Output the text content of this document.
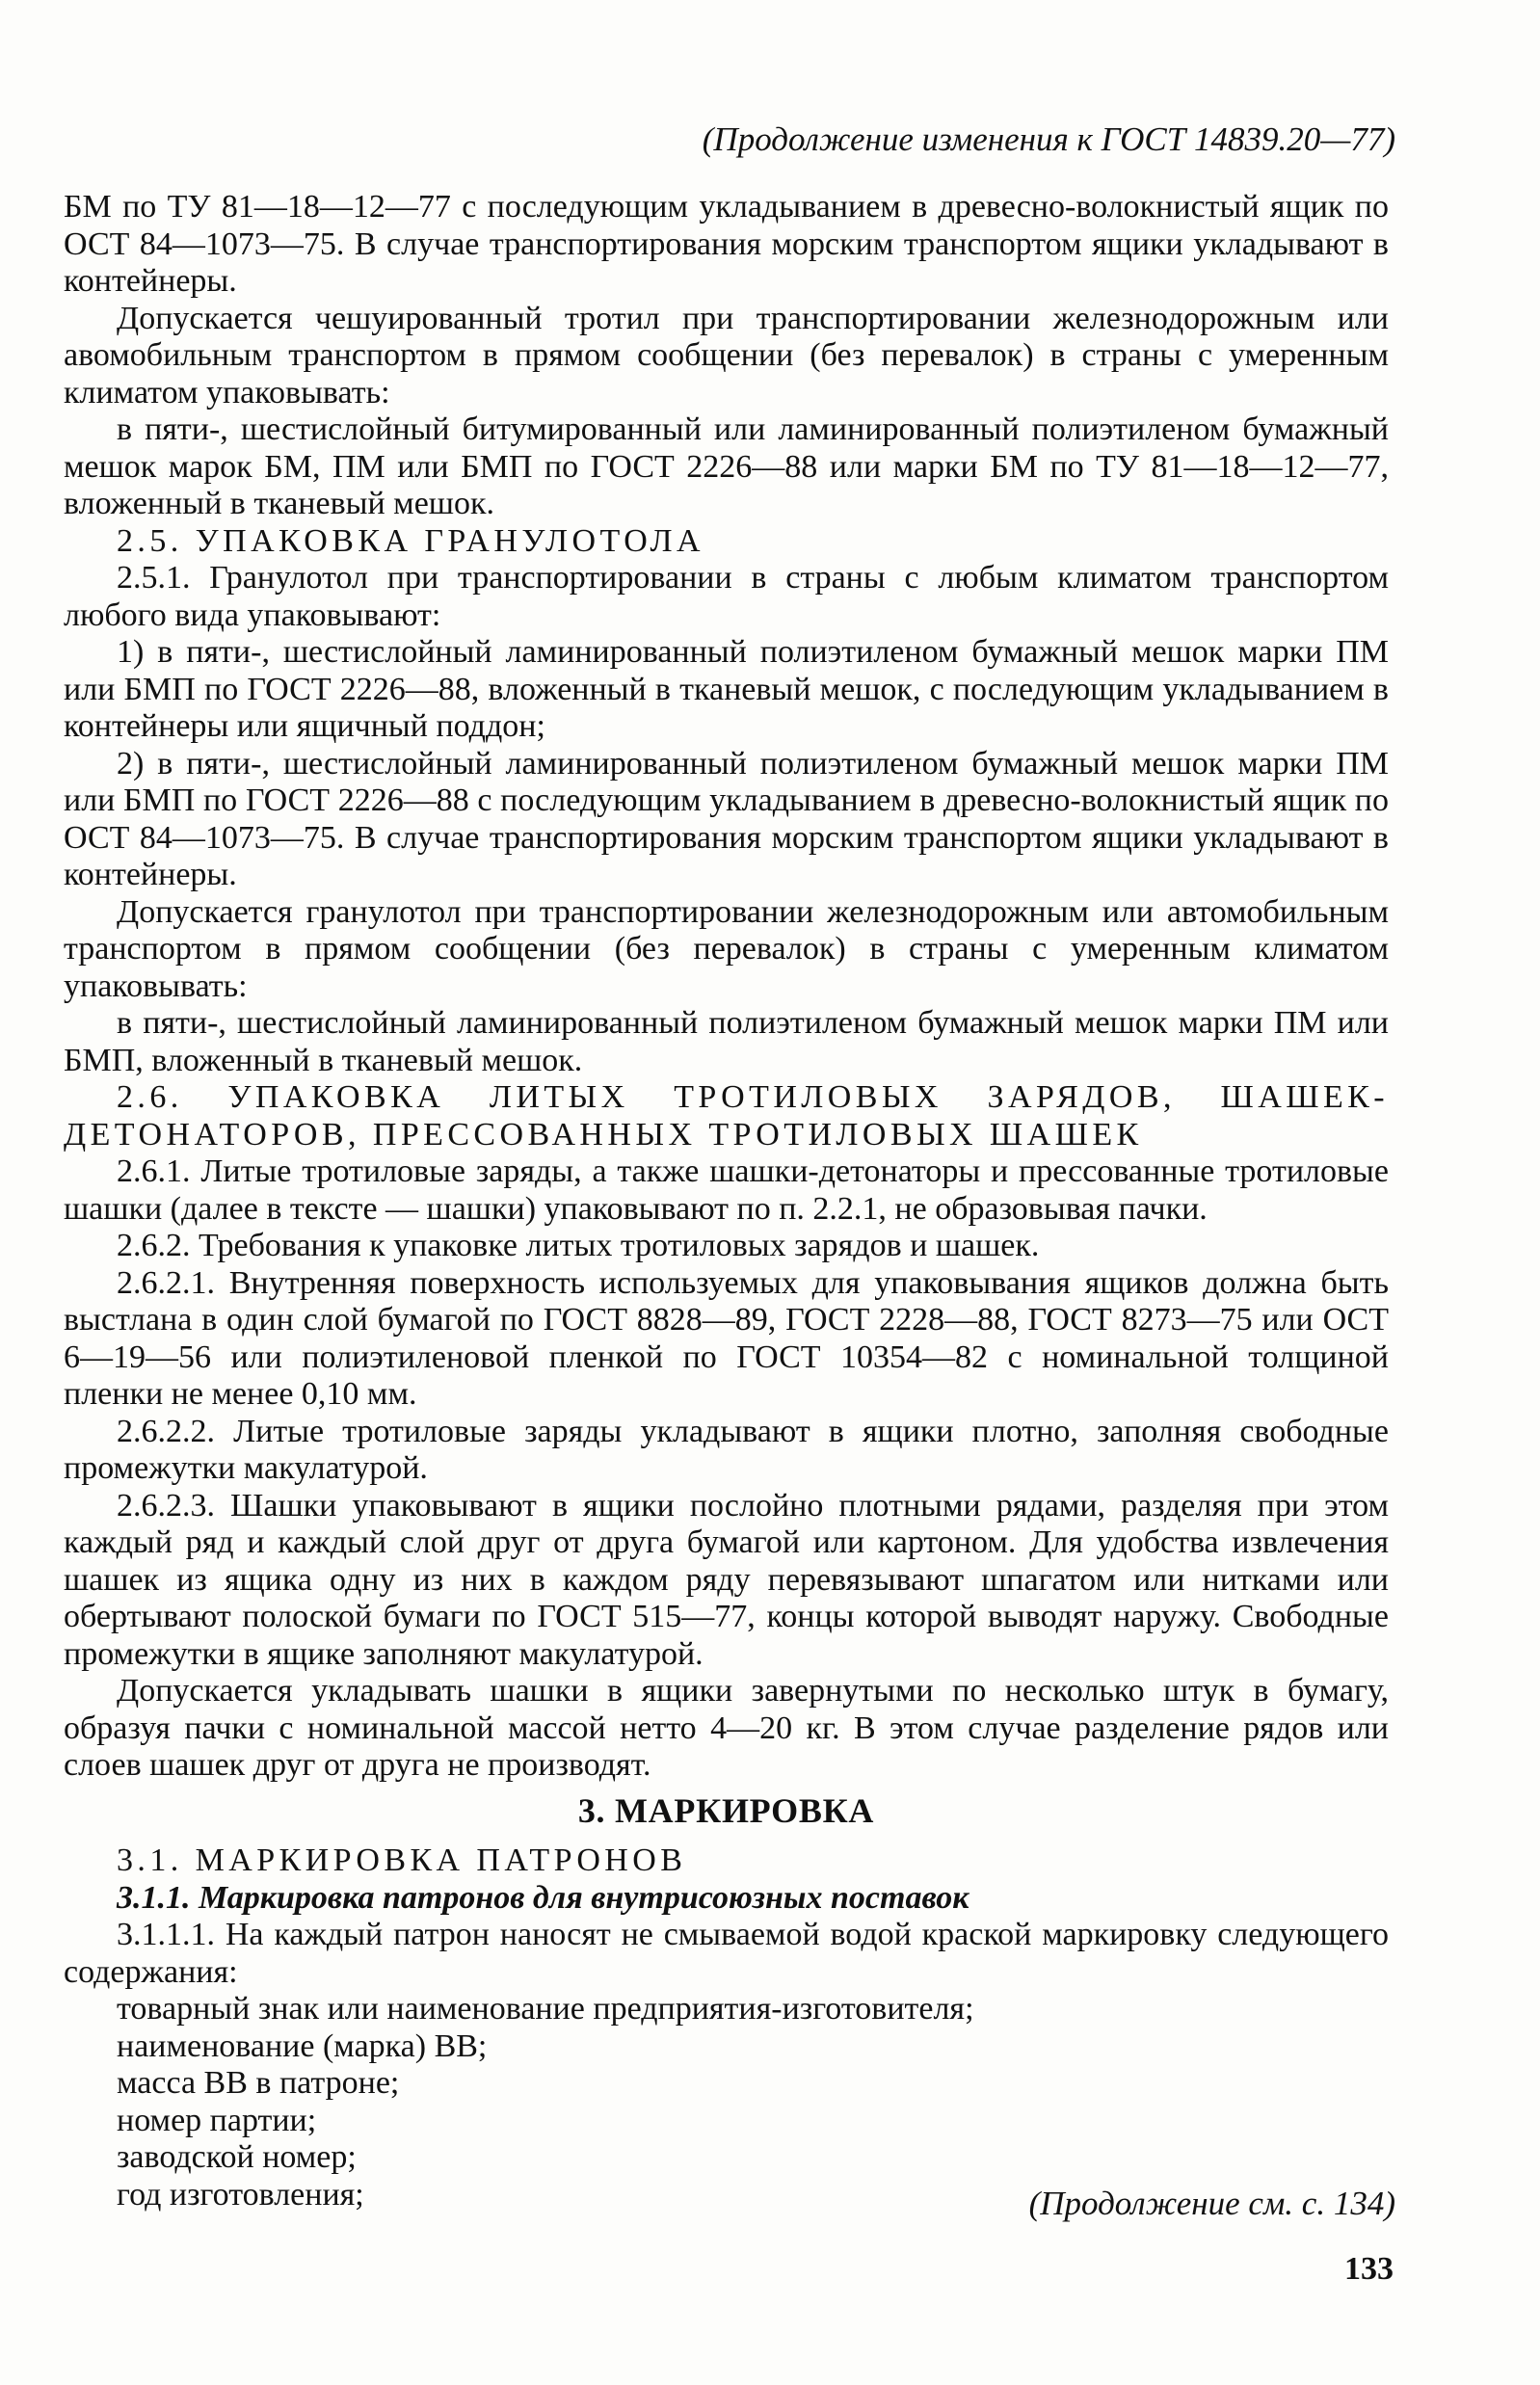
(Продолжение изменения к ГОСТ 14839.20—77)

БМ по ТУ 81—18—12—77 с последующим укладыванием в древесно-волокнистый ящик по ОСТ 84—1073—75. В случае транспортирования морским транспортом ящики укладывают в контейнеры.

Допускается чешуированный тротил при транспортировании железнодорожным или авомобильным транспортом в прямом сообщении (без перевалок) в страны с умеренным климатом упаковывать:

в пяти-, шестислойный битумированный или ламинированный полиэтиленом бумажный мешок марок БМ, ПМ или БМП по ГОСТ 2226—88 или марки БМ по ТУ 81—18—12—77, вложенный в тканевый мешок.

2.5. УПАКОВКА ГРАНУЛОТОЛА

2.5.1. Гранулотол при транспортировании в страны с любым климатом транспортом любого вида упаковывают:

1) в пяти-, шестислойный ламинированный полиэтиленом бумажный мешок марки ПМ или БМП по ГОСТ 2226—88, вложенный в тканевый мешок, с последующим укладыванием в контейнеры или ящичный поддон;

2) в пяти-, шестислойный ламинированный полиэтиленом бумажный мешок марки ПМ или БМП по ГОСТ 2226—88 с последующим укладыванием в древесно-волокнистый ящик по ОСТ 84—1073—75. В случае транспортирования морским транспортом ящики укладывают в контейнеры.

Допускается гранулотол при транспортировании железнодорожным или автомобильным транспортом в прямом сообщении (без перевалок) в страны с умеренным климатом упаковывать:

в пяти-, шестислойный ламинированный полиэтиленом бумажный мешок марки ПМ или БМП, вложенный в тканевый мешок.

2.6. УПАКОВКА ЛИТЫХ ТРОТИЛОВЫХ ЗАРЯДОВ, ШАШЕК-ДЕТОНАТОРОВ, ПРЕССОВАННЫХ ТРОТИЛОВЫХ ШАШЕК

2.6.1. Литые тротиловые заряды, а также шашки-детонаторы и прессованные тротиловые шашки (далее в тексте — шашки) упаковывают по п. 2.2.1, не образовывая пачки.

2.6.2. Требования к упаковке литых тротиловых зарядов и шашек.

2.6.2.1. Внутренняя поверхность используемых для упаковывания ящиков должна быть выстлана в один слой бумагой по ГОСТ 8828—89, ГОСТ 2228—88, ГОСТ 8273—75 или ОСТ 6—19—56 или полиэтиленовой пленкой по ГОСТ 10354—82 с номинальной толщиной пленки не менее 0,10 мм.

2.6.2.2. Литые тротиловые заряды укладывают в ящики плотно, заполняя свободные промежутки макулатурой.

2.6.2.3. Шашки упаковывают в ящики послойно плотными рядами, разделяя при этом каждый ряд и каждый слой друг от друга бумагой или картоном. Для удобства извлечения шашек из ящика одну из них в каждом ряду перевязывают шпагатом или нитками или обертывают полоской бумаги по ГОСТ 515—77, концы которой выводят наружу. Свободные промежутки в ящике заполняют макулатурой.

Допускается укладывать шашки в ящики завернутыми по несколько штук в бумагу, образуя пачки с номинальной массой нетто 4—20 кг. В этом случае разделение рядов или слоев шашек друг от друга не производят.

3. МАРКИРОВКА

3.1. МАРКИРОВКА ПАТРОНОВ

3.1.1. Маркировка патронов для внутрисоюзных поставок

3.1.1.1. На каждый патрон наносят не смываемой водой краской маркировку следующего содержания:

товарный знак или наименование предприятия-изготовителя;

наименование (марка) ВВ;

масса ВВ в патроне;

номер партии;

заводской номер;

год изготовления;	(Продолжение см. с. 134)
133
